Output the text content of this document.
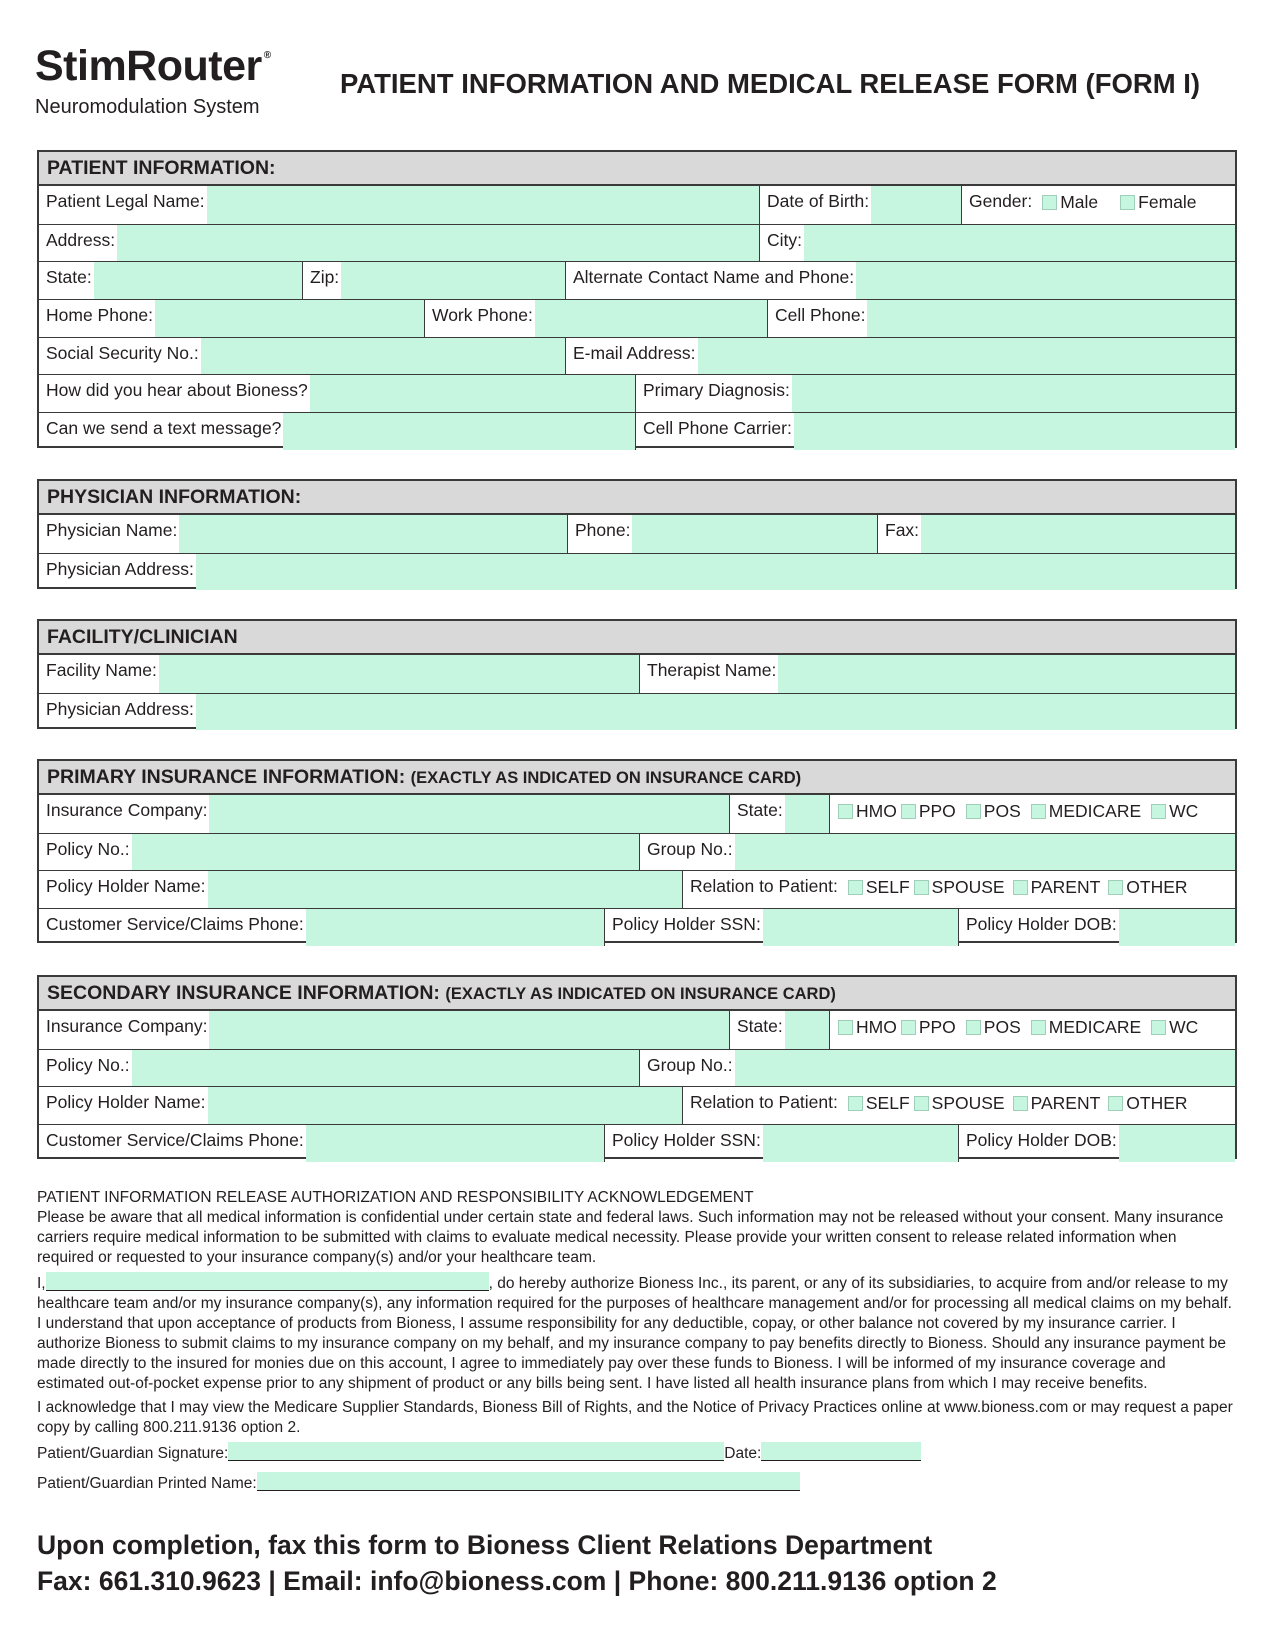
StimRouter ®
Neuromodulation System
PATIENT INFORMATION AND MEDICAL RELEASE FORM (FORM I)
PATIENT INFORMATION:
Patient Legal Name:	Date of Birth:	Gender: Male Female
Address:	City:
State:	Zip:	Alternate Contact Name and Phone:
Home Phone:	Work Phone:	Cell Phone:
Social Security No.:	E-mail Address:
How did you hear about Bioness?	Primary Diagnosis:
Can we send a text message?	Cell Phone Carrier:
PHYSICIAN INFORMATION:
Physician Name:	Phone:	Fax:
Physician Address:
FACILITY/CLINICIAN
Facility Name:	Therapist Name:
Physician Address:
PRIMARY INSURANCE INFORMATION: (EXACTLY AS INDICATED ON INSURANCE CARD)
Insurance Company:	State:	HMO PPO POS MEDICARE WC
Policy No.:	Group No.:
Policy Holder Name:	Relation to Patient: SELF SPOUSE PARENT OTHER
Customer Service/Claims Phone:	Policy Holder SSN:	Policy Holder DOB:
SECONDARY INSURANCE INFORMATION: (EXACTLY AS INDICATED ON INSURANCE CARD)
Insurance Company:	State:	HMO PPO POS MEDICARE WC
Policy No.:	Group No.:
Policy Holder Name:	Relation to Patient: SELF SPOUSE PARENT OTHER
Customer Service/Claims Phone:	Policy Holder SSN:	Policy Holder DOB:
PATIENT INFORMATION RELEASE AUTHORIZATION AND RESPONSIBILITY ACKNOWLEDGEMENT
Please be aware that all medical information is confidential under certain state and federal laws. Such information may not be released without your consent. Many insurance carriers require medical information to be submitted with claims to evaluate medical necessity. Please provide your written consent to release related information when required or requested to your insurance company(s) and/or your healthcare team.
I,	, do hereby authorize Bioness Inc., its parent, or any of its subsidiaries, to acquire from and/or release to my healthcare team and/or my insurance company(s), any information required for the purposes of healthcare management and/or for processing all medical claims on my behalf. I understand that upon acceptance of products from Bioness, I assume responsibility for any deductible, copay, or other balance not covered by my insurance carrier. I authorize Bioness to submit claims to my insurance company on my behalf, and my insurance company to pay benefits directly to Bioness. Should any insurance payment be made directly to the insured for monies due on this account, I agree to immediately pay over these funds to Bioness. I will be informed of my insurance coverage and estimated out-of-pocket expense prior to any shipment of product or any bills being sent. I have listed all health insurance plans from which I may receive benefits.
I acknowledge that I may view the Medicare Supplier Standards, Bioness Bill of Rights, and the Notice of Privacy Practices online at www.bioness.com or may request a paper copy by calling 800.211.9136 option 2.
Patient/Guardian Signature:	Date:
Patient/Guardian Printed Name:
Upon completion, fax this form to Bioness Client Relations Department
Fax: 661.310.9623 | Email: info@bioness.com | Phone: 800.211.9136 option 2
